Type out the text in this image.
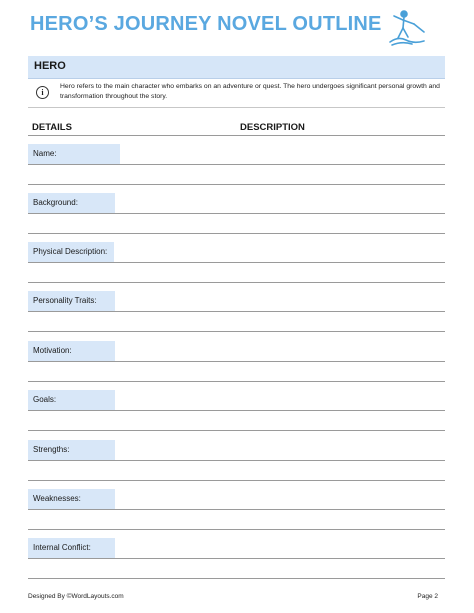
HERO’S JOURNEY NOVEL OUTLINE
HERO
i
Hero refers to the main character who embarks on an adventure or quest. The hero undergoes significant personal growth and transformation throughout the story.
DETAILS	DESCRIPTION
Name:
Background:
Physical Description:
Personality Traits:
Motivation:
Goals:
Strengths:
Weaknesses:
Internal Conflict:
Designed By ©WordLayouts.com	Page 2
